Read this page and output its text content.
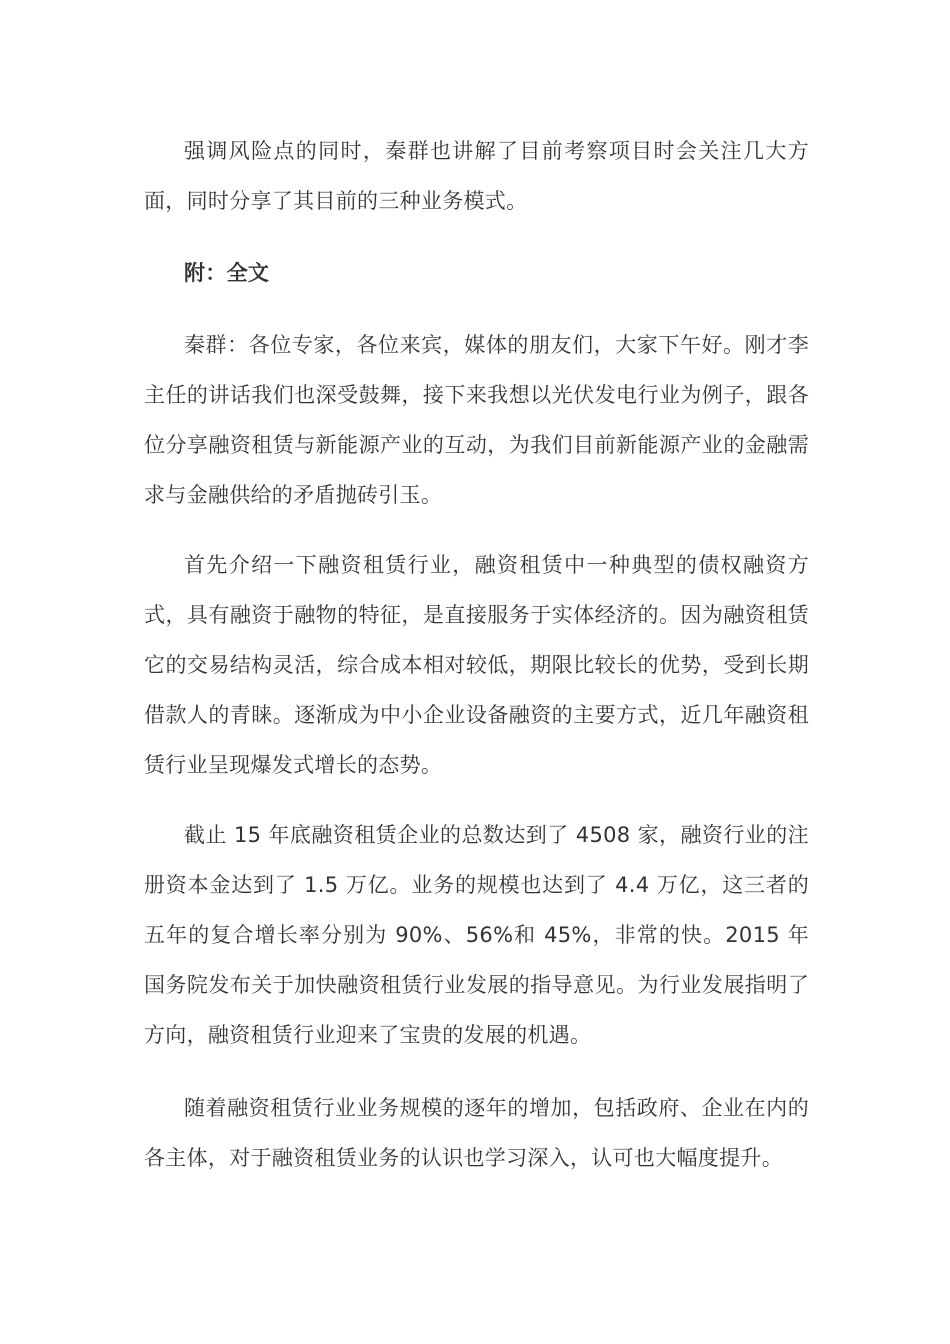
强调风险点的同时，秦群也讲解了目前考察项目时会关注几大方面，同时分享了其目前的三种业务模式。

附：全文

秦群：各位专家，各位来宾，媒体的朋友们，大家下午好。刚才李主任的讲话我们也深受鼓舞，接下来我想以光伏发电行业为例子，跟各位分享融资租赁与新能源产业的互动，为我们目前新能源产业的金融需求与金融供给的矛盾抛砖引玉。

首先介绍一下融资租赁行业，融资租赁中一种典型的债权融资方式，具有融资于融物的特征，是直接服务于实体经济的。因为融资租赁它的交易结构灵活，综合成本相对较低，期限比较长的优势，受到长期借款人的青睐。逐渐成为中小企业设备融资的主要方式，近几年融资租赁行业呈现爆发式增长的态势。

截止 15 年底融资租赁企业的总数达到了 4508 家，融资行业的注册资本金达到了 1.5 万亿。业务的规模也达到了 4.4 万亿，这三者的五年的复合增长率分别为 90%、56%和 45%，非常的快。2015 年国务院发布关于加快融资租赁行业发展的指导意见。为行业发展指明了方向，融资租赁行业迎来了宝贵的发展的机遇。

随着融资租赁行业业务规模的逐年的增加，包括政府、企业在内的各主体，对于融资租赁业务的认识也学习深入，认可也大幅度提升。
